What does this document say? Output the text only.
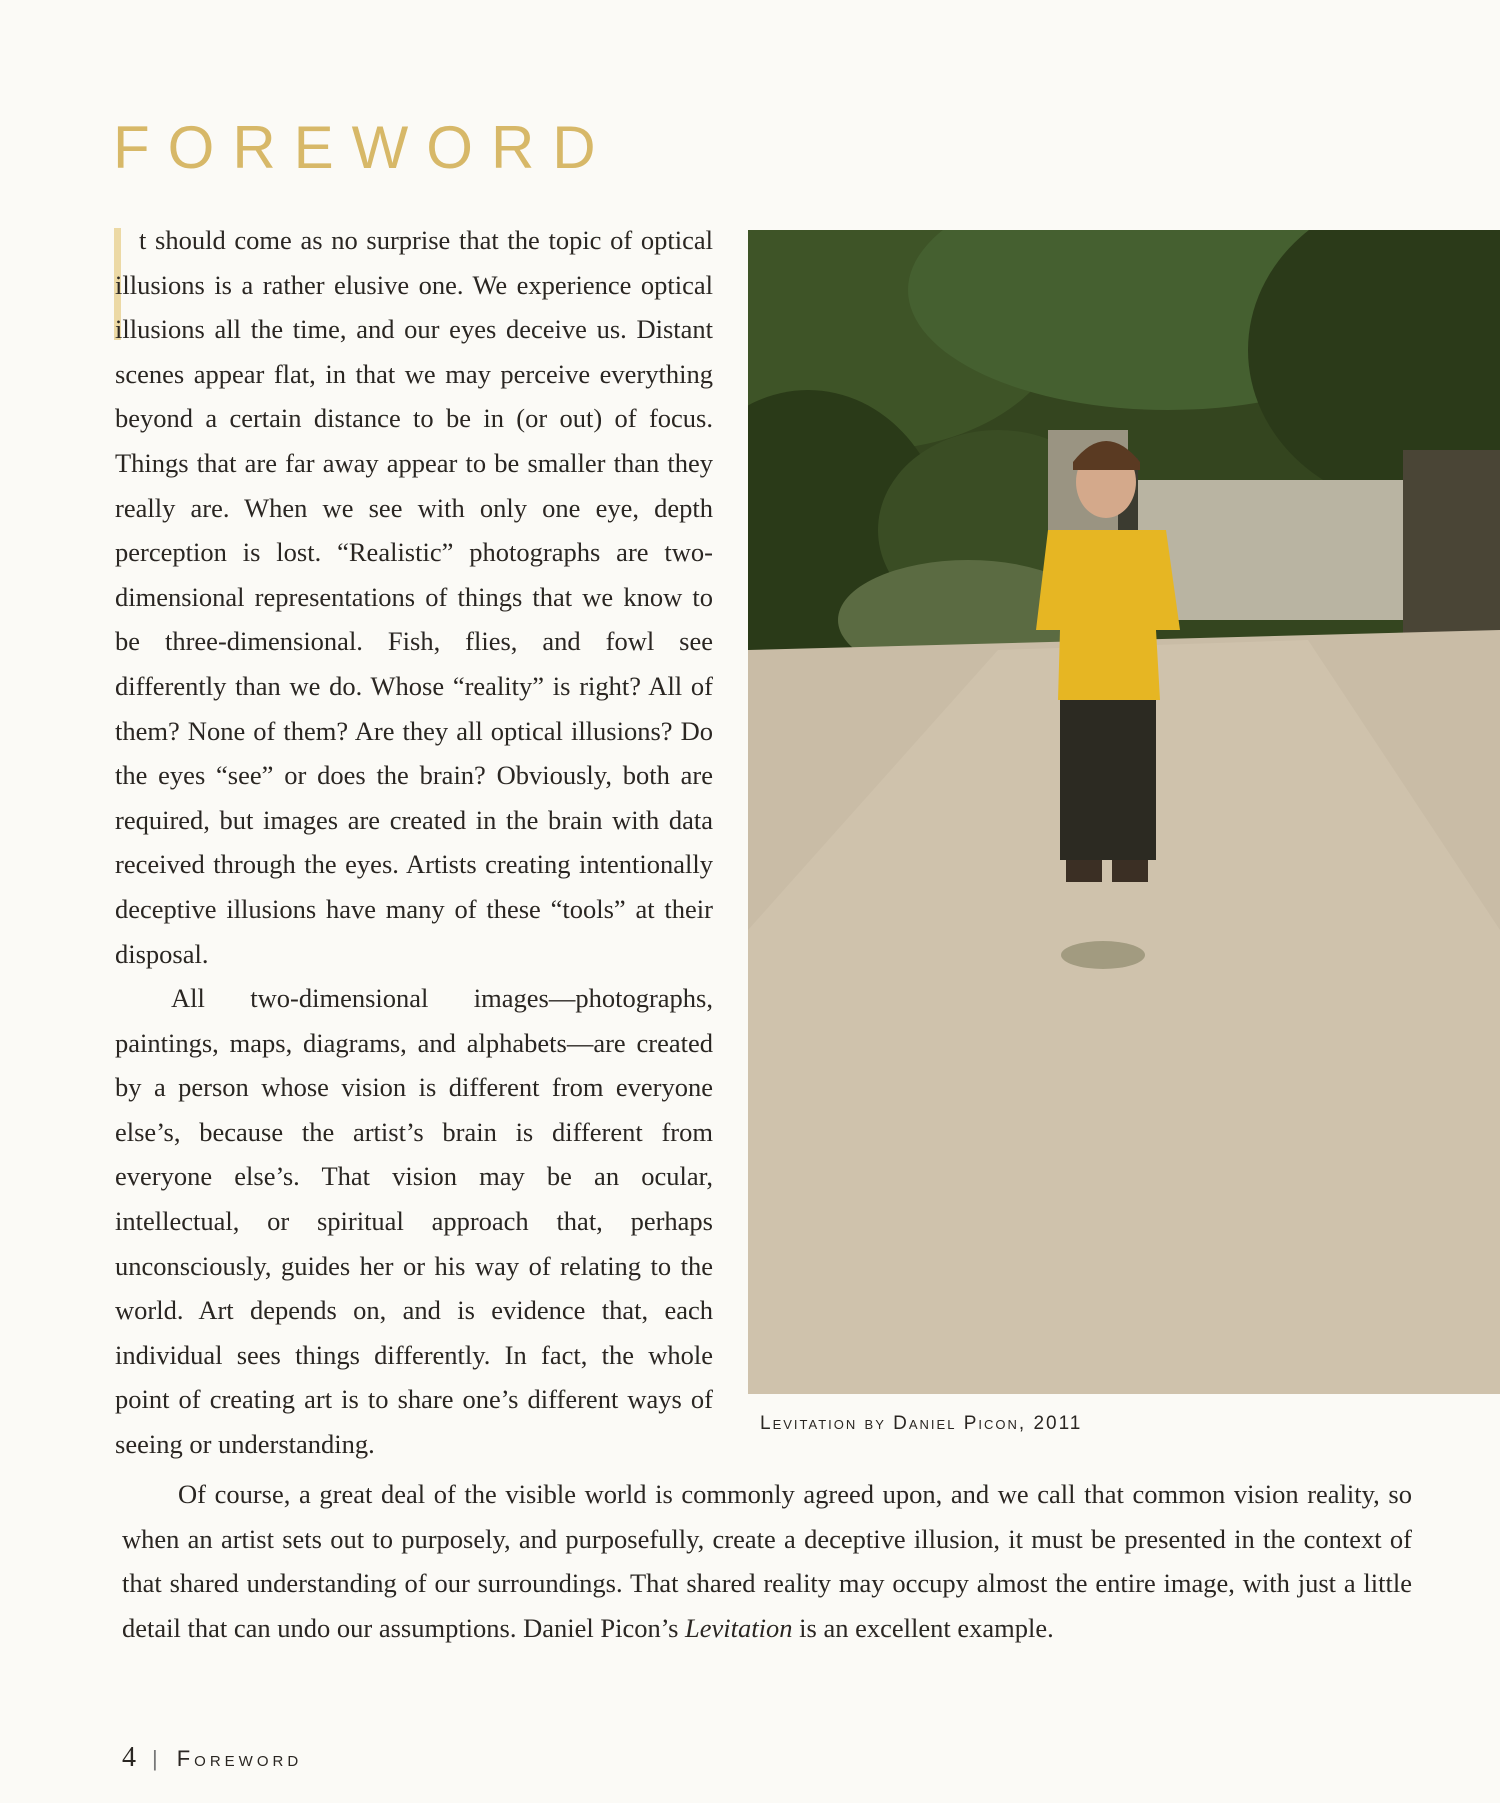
FOREWORD

t should come as no surprise that the topic of optical illusions is a rather elusive one. We experience optical illusions all the time, and our eyes deceive us. Distant scenes appear flat, in that we may perceive everything beyond a certain distance to be in (or out) of focus. Things that are far away appear to be smaller than they really are. When we see with only one eye, depth perception is lost. “Realistic” photographs are two-dimensional representations of things that we know to be three-dimensional. Fish, flies, and fowl see differently than we do. Whose “reality” is right? All of them? None of them? Are they all optical illusions? Do the eyes “see” or does the brain? Obviously, both are required, but images are created in the brain with data received through the eyes. Artists creating intentionally deceptive illusions have many of these “tools” at their disposal.

All two-dimensional images—photographs, paintings, maps, diagrams, and alphabets—are created by a person whose vision is different from everyone else’s, because the artist’s brain is different from everyone else’s. That vision may be an ocular, intellectual, or spiritual approach that, perhaps unconsciously, guides her or his way of relating to the world. Art depends on, and is evidence that, each individual sees things differently. In fact, the whole point of creating art is to share one’s different ways of seeing or understanding.

Levitation by Daniel Picon, 2011

Of course, a great deal of the visible world is commonly agreed upon, and we call that common vision reality, so when an artist sets out to purposely, and purposefully, create a deceptive illusion, it must be presented in the context of that shared understanding of our surroundings. That shared reality may occupy almost the entire image, with just a little detail that can undo our assumptions. Daniel Picon’s Levitation is an excellent example.

4 | Foreword
